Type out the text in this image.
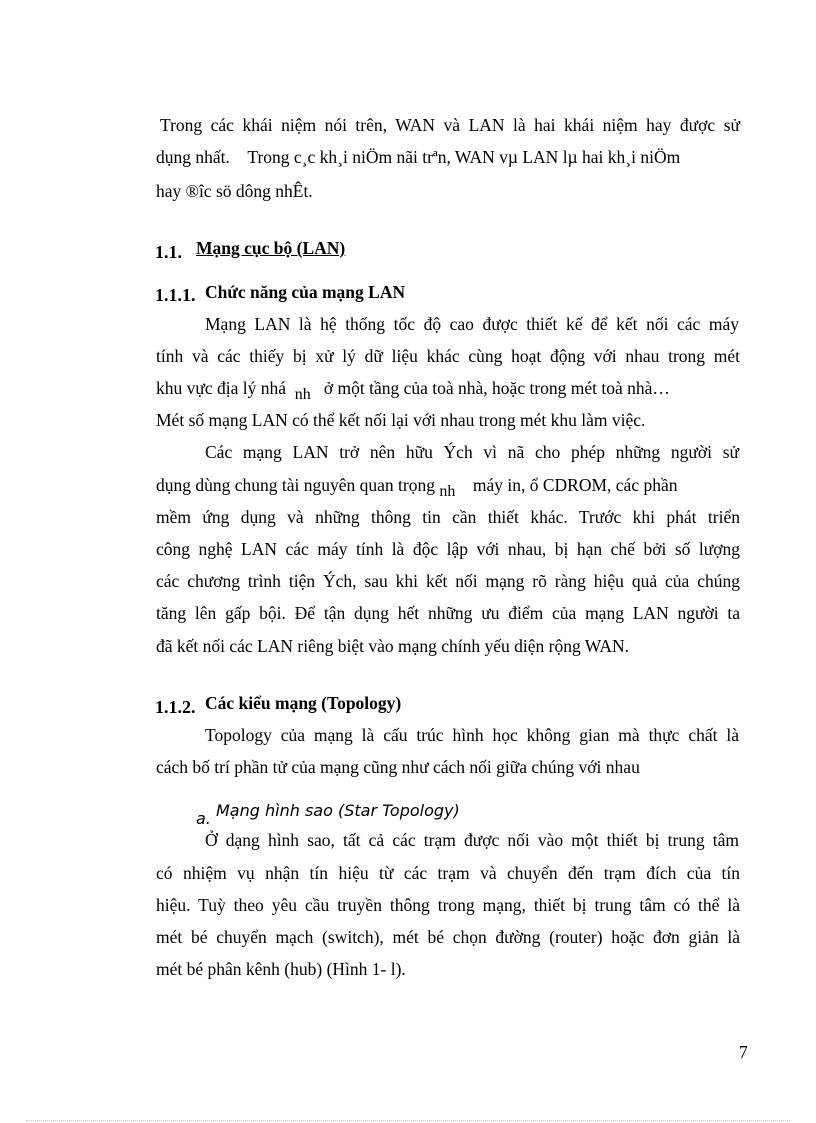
Trong các khái niệm nói trên, WAN và LAN là hai khái niệm hay được sử
dụng nhất. Trong c¸c kh¸i niÖm nãi trªn, WAN vµ LAN lµ hai kh¸i niÖm
hay ®îc sö dông nhÊt.
1.1. Mạng cục bộ (LAN)
1.1.1. Chức năng của mạng LAN
Mạng LAN là hệ thống tốc độ cao được thiết kế để kết nối các máy
tính và các thiếy bị xử lý dữ liệu khác cùng hoạt động với nhau trong mét
khu vực địa lý nhá nh ở một tầng của toà nhà, hoặc trong mét toà nhà…
Mét số mạng LAN có thể kết nối lại với nhau trong mét khu làm việc.
Các mạng LAN trở nên hữu Ých vì nã cho phép những người sử
dụng dùng chung tài nguyên quan trọng nh máy in, ổ CDROM, các phần
mềm ứng dụng và những thông tin cần thiết khác. Trước khi phát triển
công nghệ LAN các máy tính là độc lập với nhau, bị hạn chế bởi số lượng
các chương trình tiện Ých, sau khi kết nối mạng rõ ràng hiệu quả của chúng
tăng lên gấp bội. Để tận dụng hết những ưu điểm của mạng LAN người ta
đã kết nối các LAN riêng biệt vào mạng chính yếu diện rộng WAN.
1.1.2. Các kiểu mạng (Topology)
Topology của mạng là cấu trúc hình học không gian mà thực chất là
cách bố trí phần tử của mạng cũng như cách nối giữa chúng với nhau
a. Mạng hình sao (Star Topology)
Ở dạng hình sao, tất cả các trạm được nối vào một thiết bị trung tâm
có nhiệm vụ nhận tín hiệu từ các trạm và chuyển đến trạm đích của tín
hiệu. Tuỳ theo yêu cầu truyền thông trong mạng, thiết bị trung tâm có thể là
mét bé chuyển mạch (switch), mét bé chọn đường (router) hoặc đơn giản là
mét bé phân kênh (hub) (Hình 1- l).
7
